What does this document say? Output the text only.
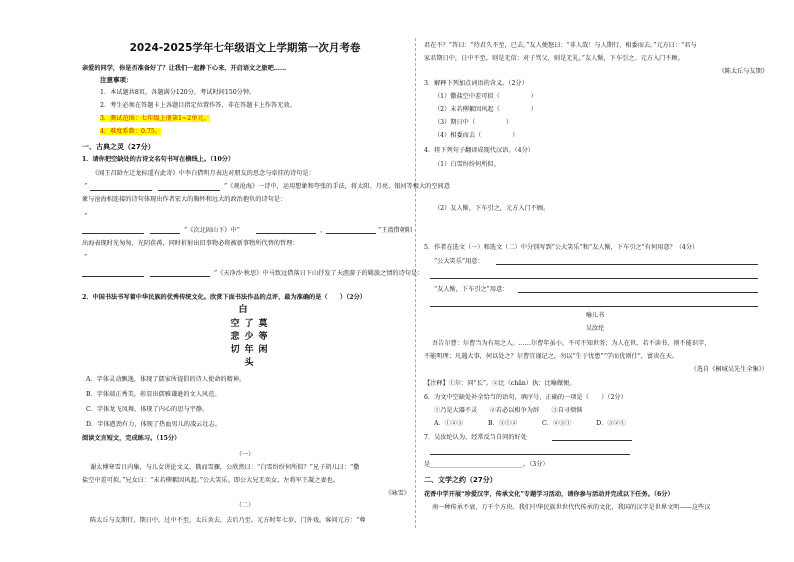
2024-2025学年七年级语文上学期第一次月考卷
亲爱的同学，你是否准备好了？让我们一起静下心来，开启语文之旅吧……
注意事项：
1．本试题共8页，各题满分120分，考试时间150分钟。
2．考生必须在答题卡上各题目指定位置作答，非在答题卡上作答无效。
3．测试范围：七年级上册第1~2单元。
4．难度系数：0.75。
一、古典之灵（27分）
1．请你把空缺处的古诗文名句书写在横线上。（10分）
《闻王昌龄左迁龙标遥有此寄》中李白借明月表达对朋友的思念与牵挂的诗句是：
“	”《观沧海》一诗中，运用想象和夸张的手法，将太阳、月亮、银河等极大的空间意
象与沧海相连接的诗句体现出作者宏大的胸怀和远大的政治抱负的诗句是：
“
”《次北固山下》中“	，	”王湾借朝阳
出海表现时光匆匆，光阴荏苒，同时折射出旧事物必将被新事物所代替的哲理：
“
”《天净沙·秋思》中马致远借落日下山抒发了天涯游子的羁旅之情的诗句是：
2．中国书法书写着中华民族的优秀传统文化。欣赏下面书法作品的点评，最为准确的是（　　）（2分）
白
空
悲
切
了
少
年
莫
等
闲
头
A．字体灵动飘逸，体现了儒家所提倡的诗人使命的精神。
B．字体端正秀美，彰显出儒雅谦逊的文人风范。
C．字体龙飞凤舞，体现了内心的思与宇静。
D．字体遒劲有力，体现了热血男儿的凌云壮志。
阅读文言短文，完成练习。（15分）
（一）
谢太傅寒雪日内集，与儿女讲论文义。俄而雪骤，公欣然曰：“白雪纷纷何所似？”兄子胡儿曰：“撒
盐空中差可拟。”兄女曰：“未若柳絮因风起。”公大笑乐。即公大兄无奕女，左将军王凝之妻也。
《咏雪》
（二）
陈太丘与友期行，期日中，过中不至，太丘舍去，去后乃至。元方时年七岁，门外戏。客问元方：“尊
君在不？”答曰：“待君久不至，已去。”友人便怒曰：“非人哉！与人期行，相委而去。”元方曰：“君与
家君期日中，日中不至，则是无信；对子骂父，则是无礼。”友人惭，下车引之。元方入门不顾。
《陈太丘与友期》
3．解释下列加点词语的含义。（2分）
（1）撒盐空中差可拟（　　　　　）
（2）未若柳絮因风起（　　　　　）
（3）期日中（　　　　　）
（4）相委而去（　　　　　）
4．将下列句子翻译成现代汉语。（4分）
（1）白雪纷纷何所似。
（2）友人惭，下车引之，元方入门不顾。
5．作者在选文（一）和选文（二）中分别写到“公大笑乐”和“友人惭，下车引之”有何用意？（4分）
“公大笑乐”用意：
“友人惭，下车引之”用意：
喻儿书
吴汝纶
吾告尔曹：尔曹当为有用之人。……尔曹年虽小，不可不知世务；为人在世，若不读书，则不能识字，
不能明理；凡遇大事，何以处之？尔曹宜谨记之，勿以“生于忧患”“学而优则仕”，富贵在天。
（选自《桐城吴先生全集》）
【注释】①尔：同“长”。②比（chǎn）执：比喻做便。
6．为文中空缺处补全恰当的语句，填序号，正确的一项是（　　）（2分）
①乃是大器不灵　　②若必以相争为辞　　③自寻烦恼
A．①②③　　　　B．③①②　　　　C．②③①　　　　D．③②①
7．吴汝纶认为，经常反刍自问的好处
是______________________________。（3分）
二、文学之约（27分）
花香中学开展“珍爱汉字，传承文化”专题学习活动，请你参与活动并完成以下任务。（6分）
南一种传承不衰，万千个方块。我们中华民族世世代代传承的文化，我国的汉字是世界文明——这些汉
